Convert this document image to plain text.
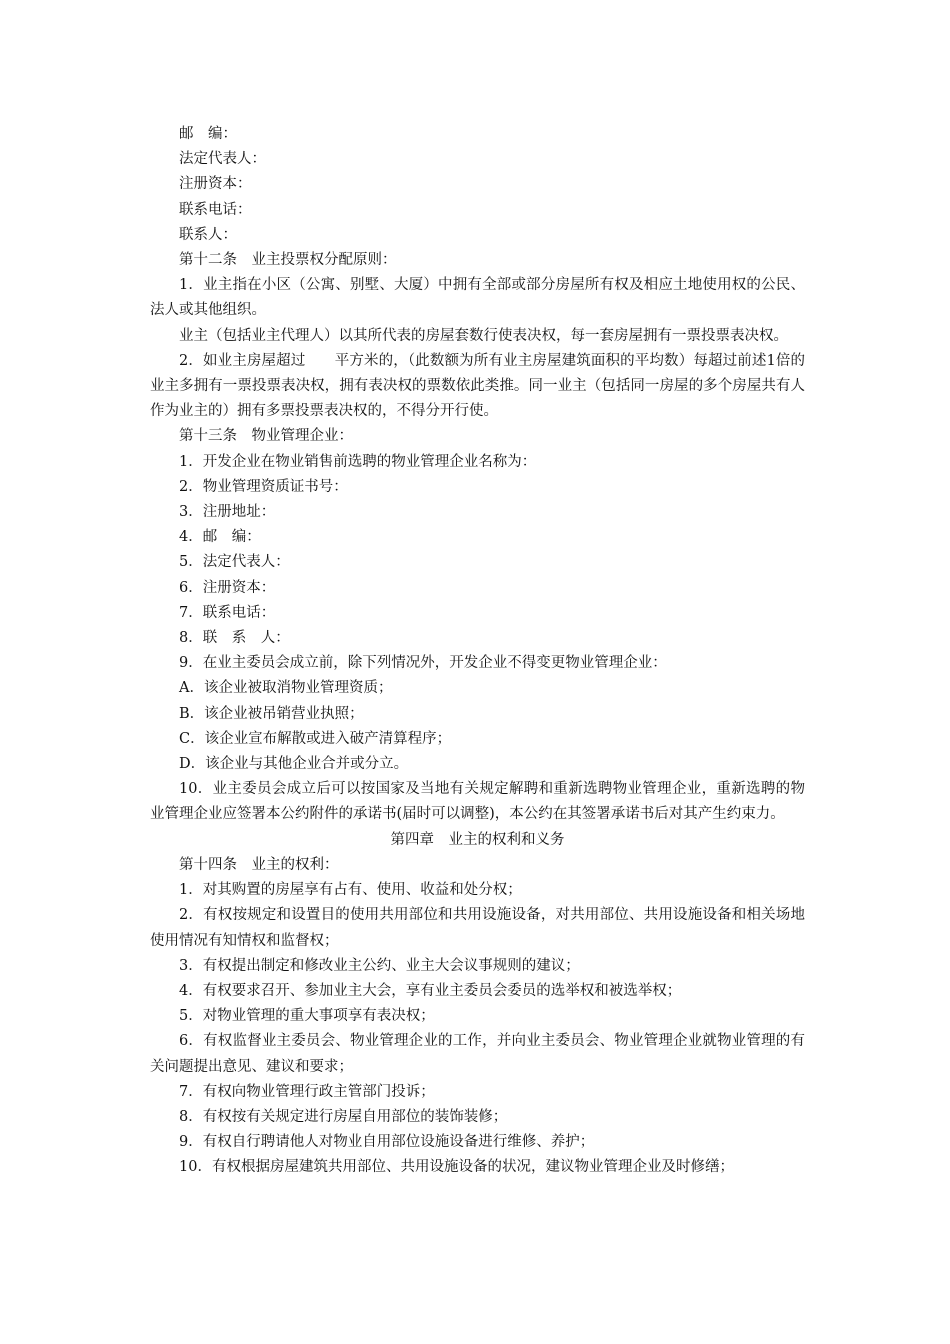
邮　编：

法定代表人：

注册资本：

联系电话：

联系人：

第十二条　业主投票权分配原则：

1．业主指在小区（公寓、别墅、大厦）中拥有全部或部分房屋所有权及相应土地使用权的公民、法人或其他组织。

业主（包括业主代理人）以其所代表的房屋套数行使表决权，每一套房屋拥有一票投票表决权。

2．如业主房屋超过　　平方米的，（此数额为所有业主房屋建筑面积的平均数）每超过前述1倍的业主多拥有一票投票表决权，拥有表决权的票数依此类推。同一业主（包括同一房屋的多个房屋共有人作为业主的）拥有多票投票表决权的，不得分开行使。

第十三条　物业管理企业：

1．开发企业在物业销售前选聘的物业管理企业名称为：

2．物业管理资质证书号：

3．注册地址：

4．邮　编：

5．法定代表人：

6．注册资本：

7．联系电话：

8．联　系　人：

9．在业主委员会成立前，除下列情况外，开发企业不得变更物业管理企业：

A．该企业被取消物业管理资质；

B．该企业被吊销营业执照；

C．该企业宣布解散或进入破产清算程序；

D．该企业与其他企业合并或分立。

10．业主委员会成立后可以按国家及当地有关规定解聘和重新选聘物业管理企业，重新选聘的物业管理企业应签署本公约附件的承诺书(届时可以调整)，本公约在其签署承诺书后对其产生约束力。

第四章　业主的权利和义务

第十四条　业主的权利：

1．对其购置的房屋享有占有、使用、收益和处分权；

2．有权按规定和设置目的使用共用部位和共用设施设备，对共用部位、共用设施设备和相关场地使用情况有知情权和监督权；

3．有权提出制定和修改业主公约、业主大会议事规则的建议；

4．有权要求召开、参加业主大会，享有业主委员会委员的选举权和被选举权；

5．对物业管理的重大事项享有表决权；

6．有权监督业主委员会、物业管理企业的工作，并向业主委员会、物业管理企业就物业管理的有关问题提出意见、建议和要求；

7．有权向物业管理行政主管部门投诉；

8．有权按有关规定进行房屋自用部位的装饰装修；

9．有权自行聘请他人对物业自用部位设施设备进行维修、养护；

10．有权根据房屋建筑共用部位、共用设施设备的状况，建议物业管理企业及时修缮；
